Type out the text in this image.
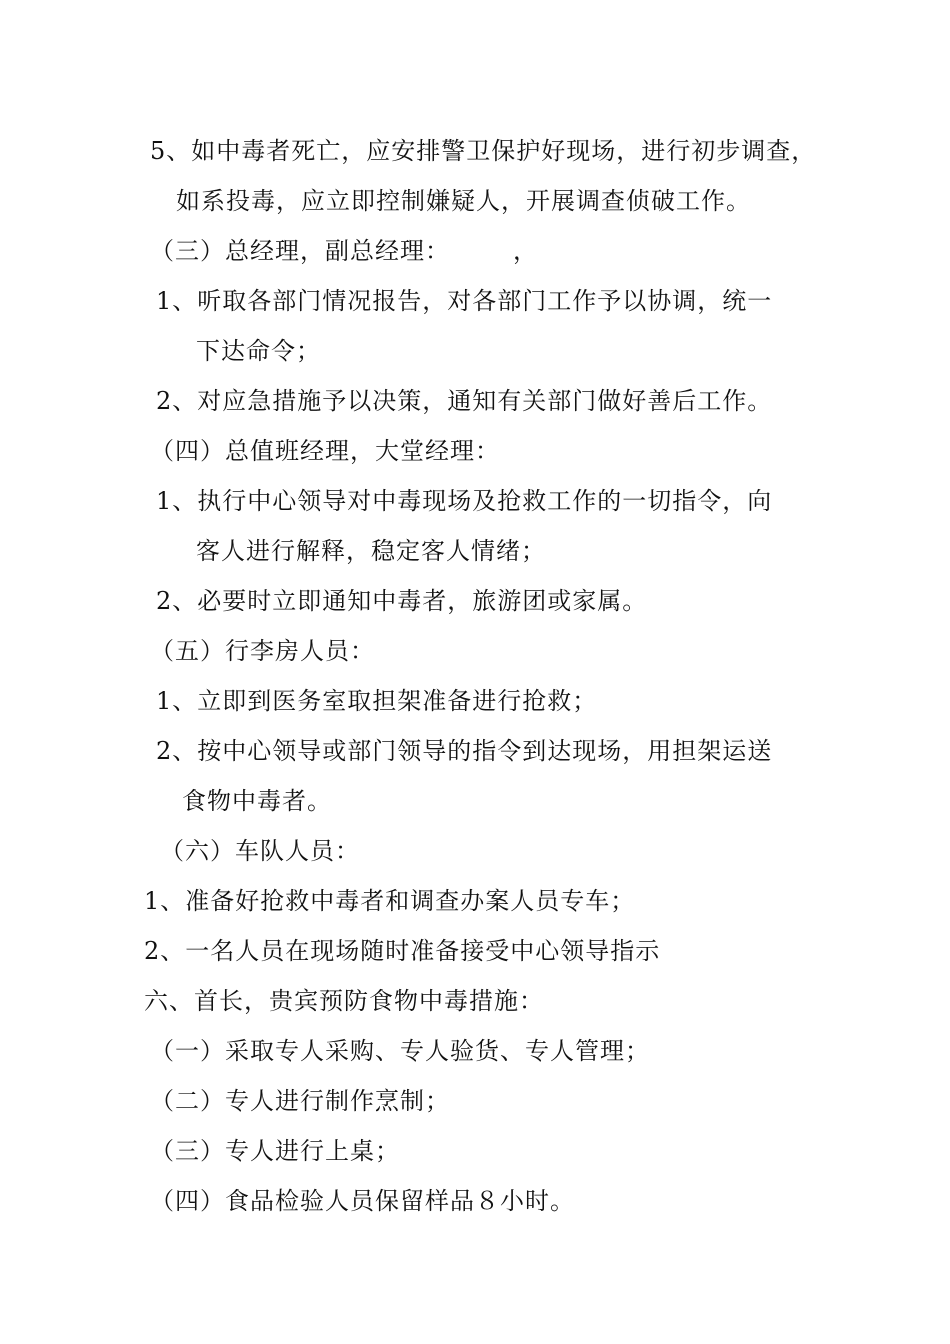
5、如中毒者死亡，应安排警卫保护好现场，进行初步调查，
如系投毒，应立即控制嫌疑人，开展调查侦破工作。
（三）总经理，副总经理：　　　，
1、听取各部门情况报告，对各部门工作予以协调，统一
下达命令；
2、对应急措施予以决策，通知有关部门做好善后工作。
（四）总值班经理，大堂经理：
1、执行中心领导对中毒现场及抢救工作的一切指令，向
客人进行解释，稳定客人情绪；
2、必要时立即通知中毒者，旅游团或家属。
（五）行李房人员：
1、立即到医务室取担架准备进行抢救；
2、按中心领导或部门领导的指令到达现场，用担架运送
食物中毒者。
（六）车队人员：
1、准备好抢救中毒者和调查办案人员专车；
2、一名人员在现场随时准备接受中心领导指示
六、首长，贵宾预防食物中毒措施：
（一）采取专人采购、专人验货、专人管理；
（二）专人进行制作烹制；
（三）专人进行上桌；
（四）食品检验人员保留样品８小时。
